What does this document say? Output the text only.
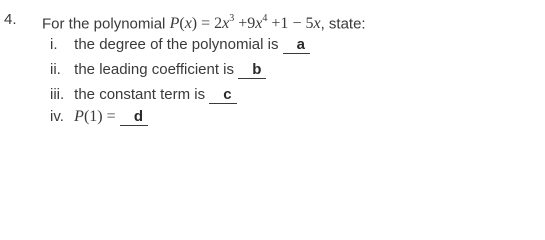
4. For the polynomial $P(x) = 2x^3 +9x^4 +1 - 5x$, state:
i. the degree of the polynomial is a
ii. the leading coefficient is b
iii. the constant term is c
iv. P(1) = d
